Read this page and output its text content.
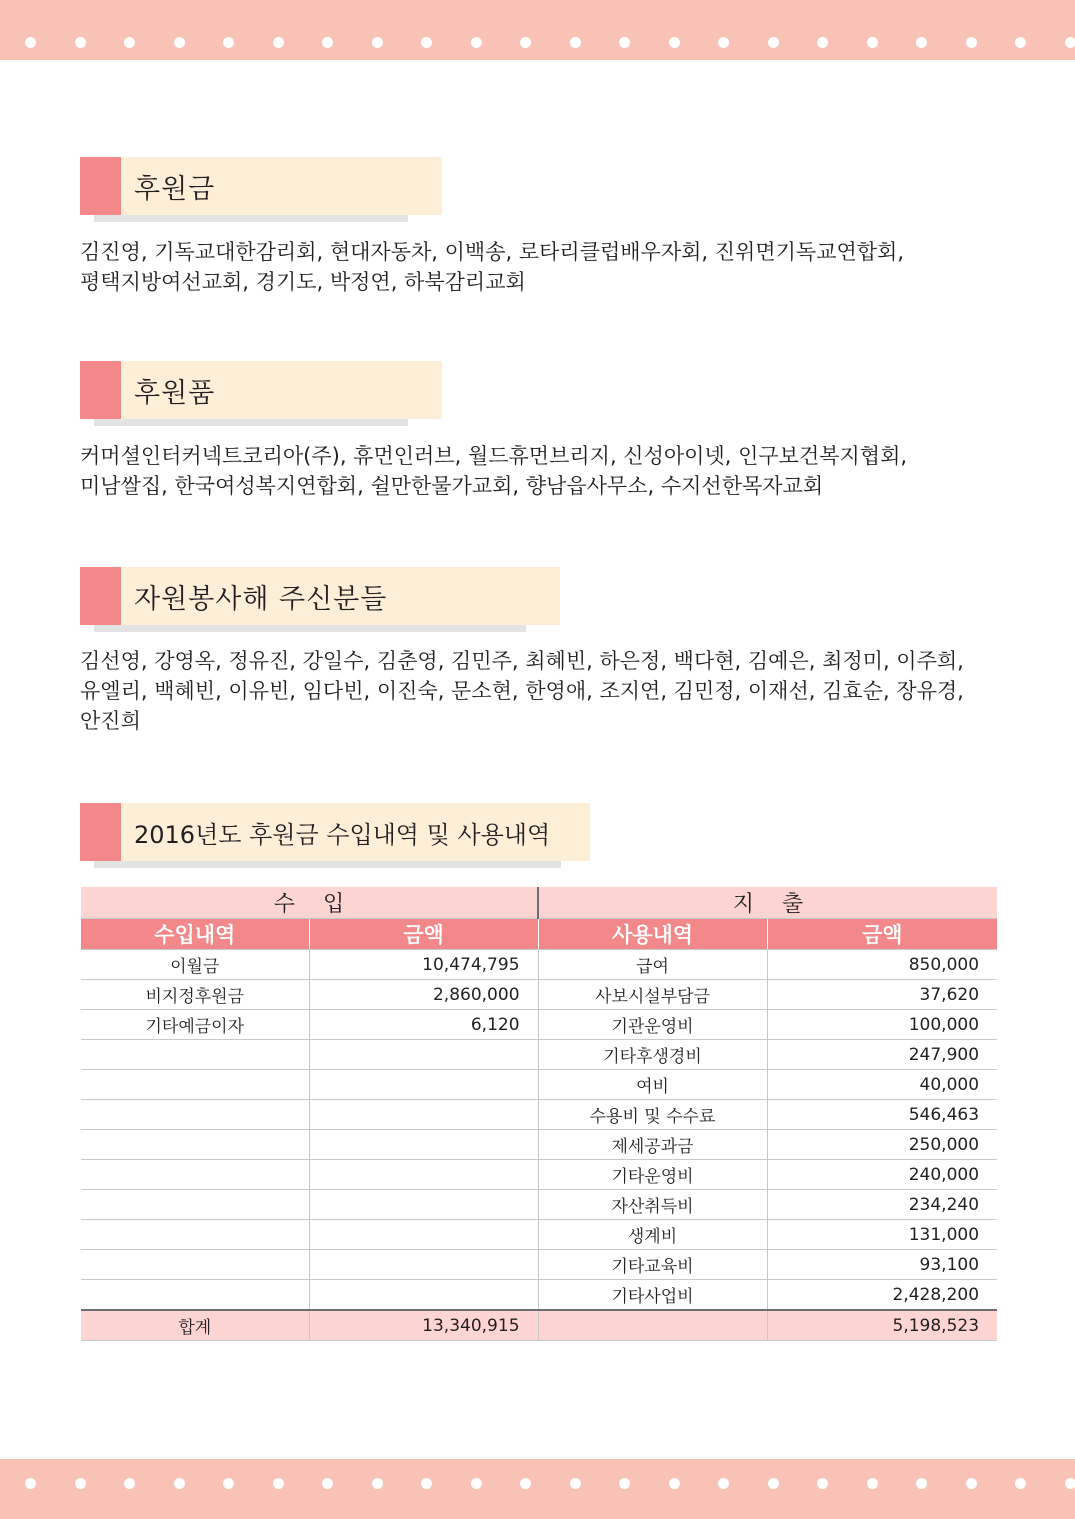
후원금
김진영, 기독교대한감리회, 현대자동차, 이백송, 로타리클럽배우자회, 진위면기독교연합회,
평택지방여선교회, 경기도, 박정연, 하북감리교회
후원품
커머셜인터커넥트코리아(주), 휴먼인러브, 월드휴먼브리지, 신성아이넷, 인구보건복지협회,
미남쌀집, 한국여성복지연합회, 쉴만한물가교회, 향남읍사무소, 수지선한목자교회
자원봉사해 주신분들
김선영, 강영옥, 정유진, 강일수, 김춘영, 김민주, 최혜빈, 하은정, 백다현, 김예은, 최정미, 이주희,
유엘리, 백혜빈, 이유빈, 임다빈, 이진숙, 문소현, 한영애, 조지연, 김민정, 이재선, 김효순, 장유경,
안진희
2016년도 후원금 수입내역 및 사용내역
수    입		지    출	
수입내역	금액	사용내역	금액
이월금	10,474,795	급여	850,000
비지정후원금	2,860,000	사보시설부담금	37,620
기타예금이자	6,120	기관운영비	100,000
		기타후생경비	247,900
		여비	40,000
		수용비 및 수수료	546,463
		제세공과금	250,000
		기타운영비	240,000
		자산취득비	234,240
		생계비	131,000
		기타교육비	93,100
		기타사업비	2,428,200
합계	13,340,915		5,198,523
